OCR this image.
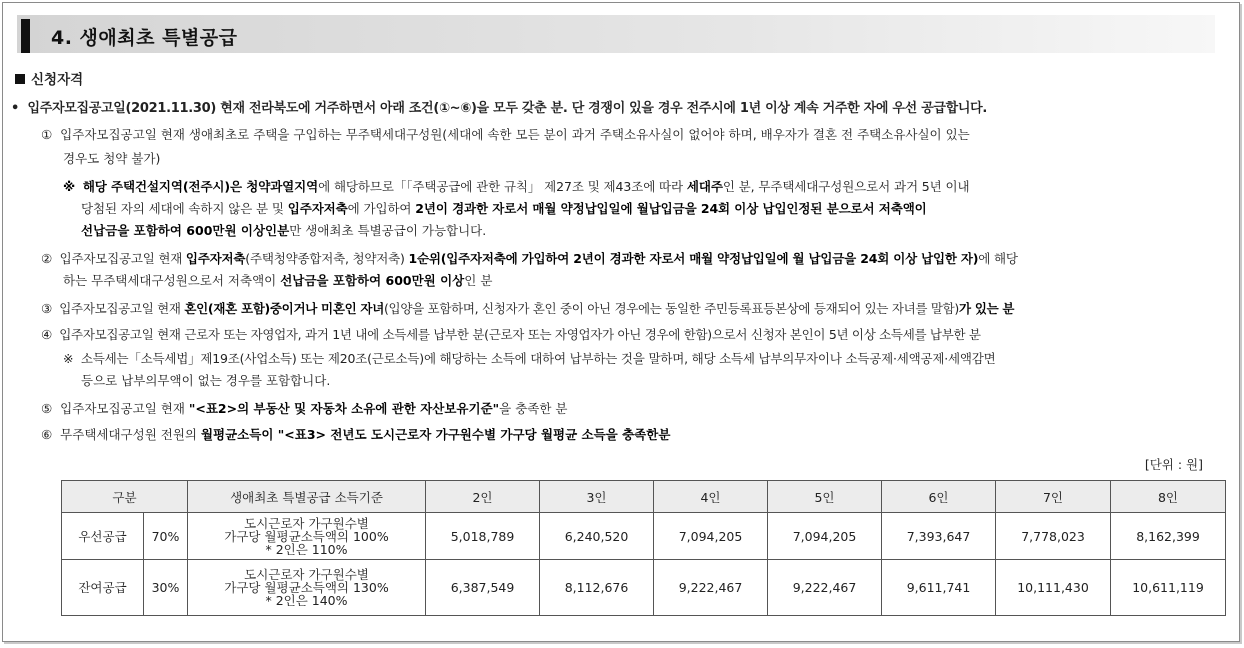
4. 생애최초 특별공급
신청자격
• 입주자모집공고일(2021.11.30) 현재 전라북도에 거주하면서 아래 조건(①~⑥)을 모두 갖춘 분. 단 경쟁이 있을 경우 전주시에 1년 이상 계속 거주한 자에 우선 공급합니다.
① 입주자모집공고일 현재 생애최초로 주택을 구입하는 무주택세대구성원(세대에 속한 모든 분이 과거 주택소유사실이 없어야 하며, 배우자가 결혼 전 주택소유사실이 있는
경우도 청약 불가)
※ 해당 주택건설지역(전주시)은 청약과열지역에 해당하므로「「주택공급에 관한 규칙」 제27조 및 제43조에 따라 세대주인 분, 무주택세대구성원으로서 과거 5년 이내
당첨된 자의 세대에 속하지 않은 분 및 입주자저축에 가입하여 2년이 경과한 자로서 매월 약정납입일에 월납입금을 24회 이상 납입인정된 분으로서 저축액이
선납금을 포함하여 600만원 이상인분만 생애최초 특별공급이 가능합니다.
② 입주자모집공고일 현재 입주자저축(주택청약종합저축, 청약저축) 1순위(입주자저축에 가입하여 2년이 경과한 자로서 매월 약정납입일에 월 납입금을 24회 이상 납입한 자)에 해당
하는 무주택세대구성원으로서 저축액이 선납금을 포함하여 600만원 이상인 분
③ 입주자모집공고일 현재 혼인(재혼 포함)중이거나 미혼인 자녀(입양을 포함하며, 신청자가 혼인 중이 아닌 경우에는 동일한 주민등록표등본상에 등재되어 있는 자녀를 말함)가 있는 분
④ 입주자모집공고일 현재 근로자 또는 자영업자, 과거 1년 내에 소득세를 납부한 분(근로자 또는 자영업자가 아닌 경우에 한함)으로서 신청자 본인이 5년 이상 소득세를 납부한 분
※ 소득세는「소득세법」제19조(사업소득) 또는 제20조(근로소득)에 해당하는 소득에 대하여 납부하는 것을 말하며, 해당 소득세 납부의무자이나 소득공제·세액공제·세액감면
등으로 납부의무액이 없는 경우를 포함합니다.
⑤ 입주자모집공고일 현재 "<표2>의 부동산 및 자동차 소유에 관한 자산보유기준"을 충족한 분
⑥ 무주택세대구성원 전원의 월평균소득이 "<표3> 전년도 도시근로자 가구원수별 가구당 월평균 소득을 충족한분
[단위 : 원]
구분		생애최초 특별공급 소득기준	2인	3인	4인	5인	6인	7인	8인
우선공급	70%	도시근로자 가구원수별
가구당 월평균소득액의 100%
* 2인은 110%	5,018,789	6,240,520	7,094,205	7,094,205	7,393,647	7,778,023	8,162,399
잔여공급	30%	도시근로자 가구원수별
가구당 월평균소득액의 130%
* 2인은 140%	6,387,549	8,112,676	9,222,467	9,222,467	9,611,741	10,111,430	10,611,119
